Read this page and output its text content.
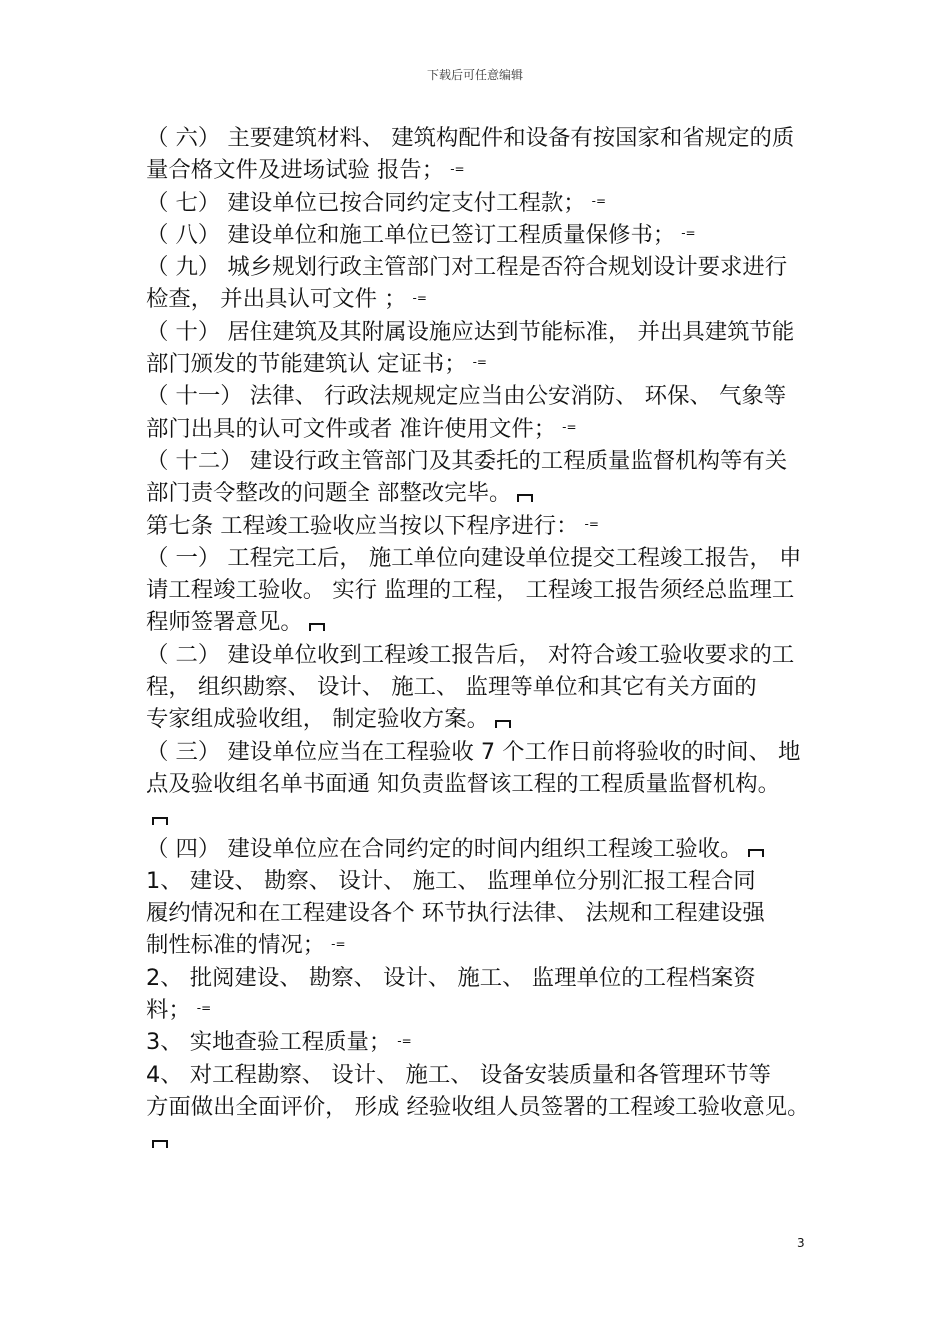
下载后可任意编辑
（ 六） 主要建筑材料、 建筑构配件和设备有按国家和省规定的质
量合格文件及进场试验 报告； -=
（ 七） 建设单位已按合同约定支付工程款； -=
（ 八） 建设单位和施工单位已签订工程质量保修书； -=
（ 九） 城乡规划行政主管部门对工程是否符合规划设计要求进行
检查， 并出具认可文件 ； -=
（ 十） 居住建筑及其附属设施应达到节能标准， 并出具建筑节能
部门颁发的节能建筑认 定证书； -=
（ 十一） 法律、 行政法规规定应当由公安消防、 环保、 气象等
部门出具的认可文件或者 准许使用文件； -=
（ 十二） 建设行政主管部门及其委托的工程质量监督机构等有关
部门责令整改的问题全 部整改完毕。
第七条 工程竣工验收应当按以下程序进行： -=
（ 一） 工程完工后， 施工单位向建设单位提交工程竣工报告， 申
请工程竣工验收。 实行 监理的工程， 工程竣工报告须经总监理工
程师签署意见。
（ 二） 建设单位收到工程竣工报告后， 对符合竣工验收要求的工
程， 组织勘察、 设计、 施工、 监理等单位和其它有关方面的
专家组成验收组， 制定验收方案。
（ 三） 建设单位应当在工程验收 7 个工作日前将验收的时间、 地
点及验收组名单书面通 知负责监督该工程的工程质量监督机构。
（ 四） 建设单位应在合同约定的时间内组织工程竣工验收。
1、 建设、 勘察、 设计、 施工、 监理单位分别汇报工程合同
履约情况和在工程建设各个 环节执行法律、 法规和工程建设强
制性标准的情况； -=
2、 批阅建设、 勘察、 设计、 施工、 监理单位的工程档案资
料； -=
3、 实地查验工程质量； -=
4、 对工程勘察、 设计、 施工、 设备安装质量和各管理环节等
方面做出全面评价， 形成 经验收组人员签署的工程竣工验收意见。
3
